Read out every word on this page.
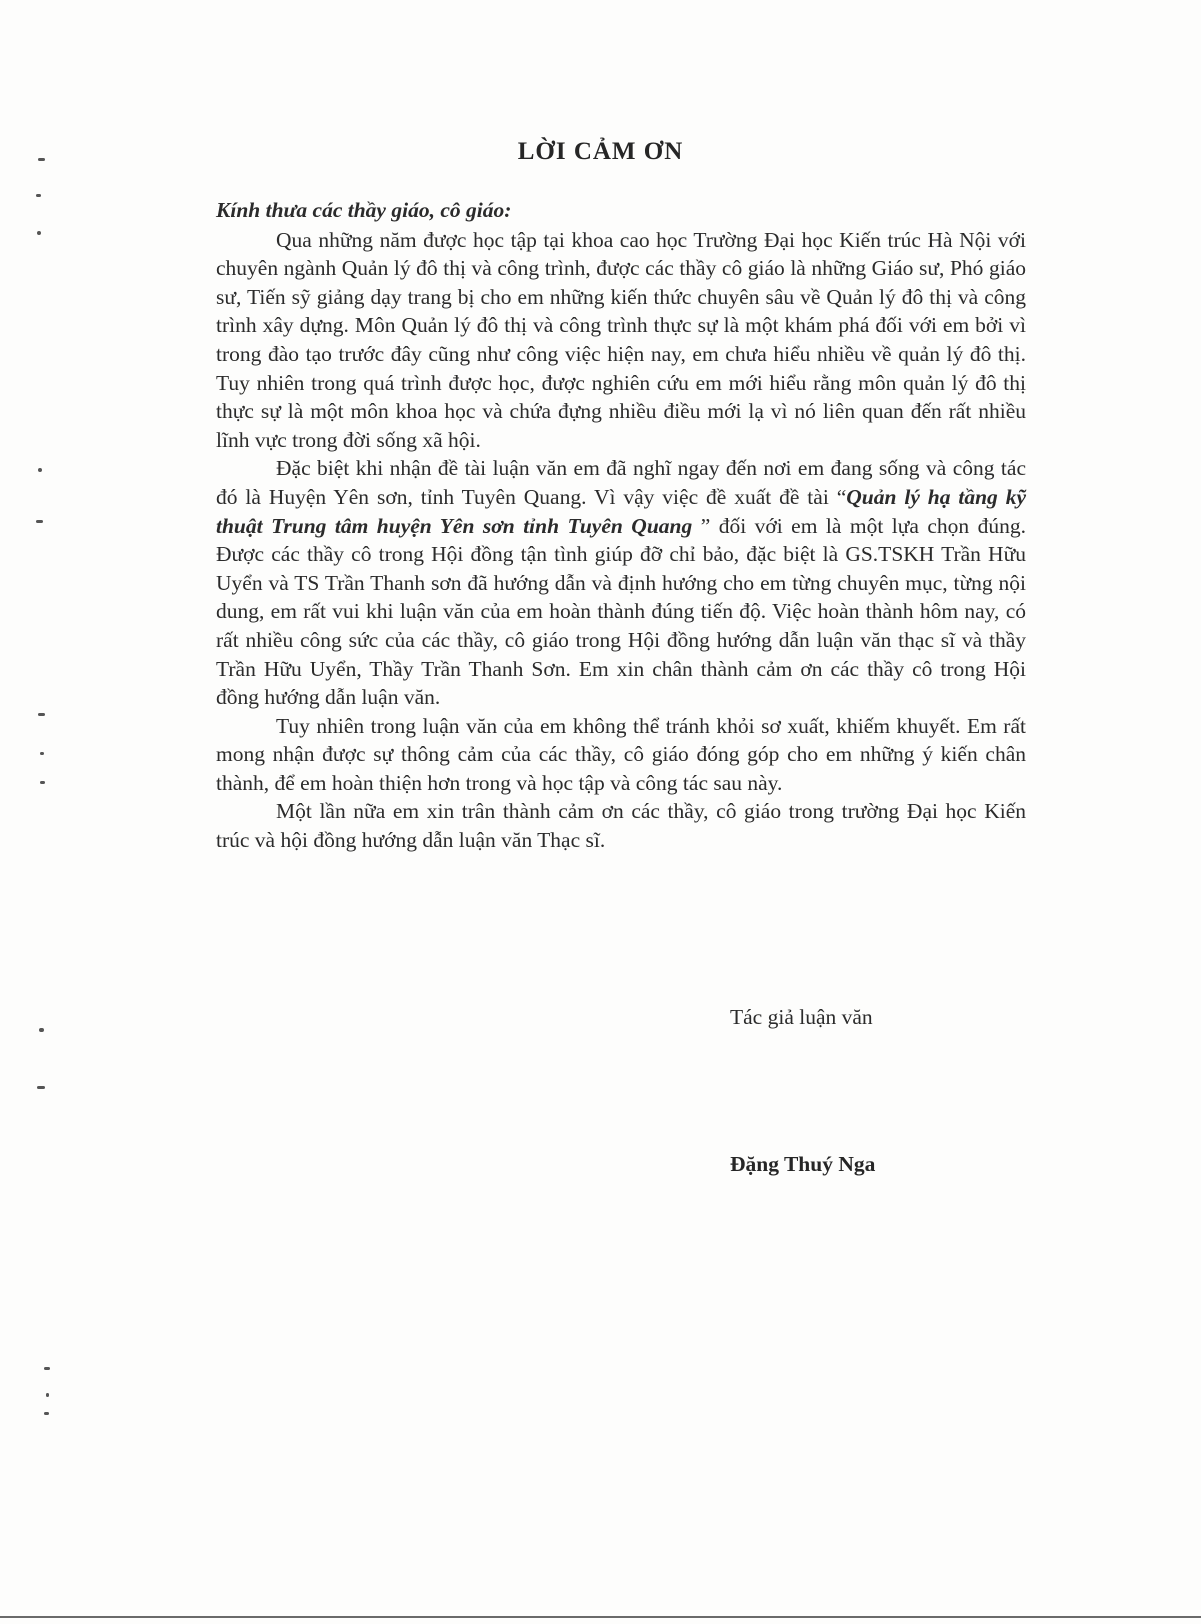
LỜI CẢM ƠN

Kính thưa các thầy giáo, cô giáo:

Qua những năm được học tập tại khoa cao học Trường Đại học Kiến trúc Hà Nội với chuyên ngành Quản lý đô thị và công trình, được các thầy cô giáo là những Giáo sư, Phó giáo sư, Tiến sỹ giảng dạy trang bị cho em những kiến thức chuyên sâu về Quản lý đô thị và công trình xây dựng. Môn Quản lý đô thị và công trình thực sự là một khám phá đối với em bởi vì trong đào tạo trước đây cũng như công việc hiện nay, em chưa hiểu nhiều về quản lý đô thị. Tuy nhiên trong quá trình được học, được nghiên cứu em mới hiểu rằng môn quản lý đô thị thực sự là một môn khoa học và chứa đựng nhiều điều mới lạ vì nó liên quan đến rất nhiều lĩnh vực trong đời sống xã hội.

Đặc biệt khi nhận đề tài luận văn em đã nghĩ ngay đến nơi em đang sống và công tác đó là Huyện Yên sơn, tỉnh Tuyên Quang. Vì vậy việc đề xuất đề tài “Quản lý hạ tầng kỹ thuật Trung tâm huyện Yên sơn tỉnh Tuyên Quang ” đối với em là một lựa chọn đúng. Được các thầy cô trong Hội đồng tận tình giúp đỡ chỉ bảo, đặc biệt là GS.TSKH Trần Hữu Uyển và TS Trần Thanh sơn đã hướng dẫn và định hướng cho em từng chuyên mục, từng nội dung, em rất vui khi luận văn của em hoàn thành đúng tiến độ. Việc hoàn thành hôm nay, có rất nhiều công sức của các thầy, cô giáo trong Hội đồng hướng dẫn luận văn thạc sĩ và thầy Trần Hữu Uyển, Thầy Trần Thanh Sơn. Em xin chân thành cảm ơn các thầy cô trong Hội đồng hướng dẫn luận văn.

Tuy nhiên trong luận văn của em không thể tránh khỏi sơ xuất, khiếm khuyết. Em rất mong nhận được sự thông cảm của các thầy, cô giáo đóng góp cho em những ý kiến chân thành, để em hoàn thiện hơn trong và học tập và công tác sau này.

Một lần nữa em xin trân thành cảm ơn các thầy, cô giáo trong trường Đại học Kiến trúc và hội đồng hướng dẫn luận văn Thạc sĩ.

Tác giả luận văn
Đặng Thuý Nga
